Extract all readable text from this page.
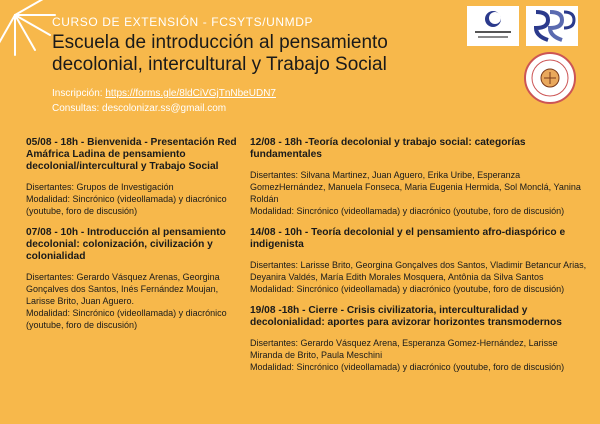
CURSO DE EXTENSIÓN - FCSYTS/UNMDP
Escuela de introducción al pensamiento
decolonial, intercultural y Trabajo Social
Inscripción: https://forms.gle/8ldCiVGjTnNbeUDN7
Consultas: descolonizar.ss@gmail.com
05/08 - 18h - Bienvenida - Presentación Red Amáfrica Ladina de pensamiento decolonial/intercultural y Trabajo Social
Disertantes: Grupos de Investigación
Modalidad: Sincrónico (videollamada) y diacrónico (youtube, foro de discusión)
07/08 - 10h - Introducción al pensamiento decolonial: colonización, civilización y colonialidad
Disertantes: Gerardo Vásquez Arenas, Georgina Gonçalves dos Santos, Inés Fernández Moujan, Larisse Brito, Juan Aguero.
Modalidad: Sincrónico (videollamada) y diacrónico (youtube, foro de discusión)
12/08 - 18h -Teoría decolonial y trabajo social: categorías fundamentales
Disertantes: Silvana Martinez, Juan Aguero, Erika Uribe, Esperanza GomezHernández, Manuela Fonseca, Maria Eugenia Hermida, Sol Monclá, Yanina Roldán
Modalidad: Sincrónico (videollamada) y diacrónico (youtube, foro de discusión)
14/08 - 10h - Teoría decolonial y el pensamiento afro-diaspórico e indigenista
Disertantes: Larisse Brito, Georgina Gonçalves dos Santos, Vladimir Betancur Arias, Deyanira Valdés, María Edith Morales Mosquera, Antônia da Silva Santos
Modalidad: Sincrónico (videollamada) y diacrónico (youtube, foro de discusión)
19/08 -18h - Cierre - Crisis civilizatoria, interculturalidad y decolonialidad: aportes para avizorar horizontes transmodernos
Disertantes: Gerardo Vásquez Arena, Esperanza Gomez-Hernández, Larisse Miranda de Brito, Paula Meschini
Modalidad: Sincrónico (videollamada) y diacrónico (youtube, foro de discusión)
